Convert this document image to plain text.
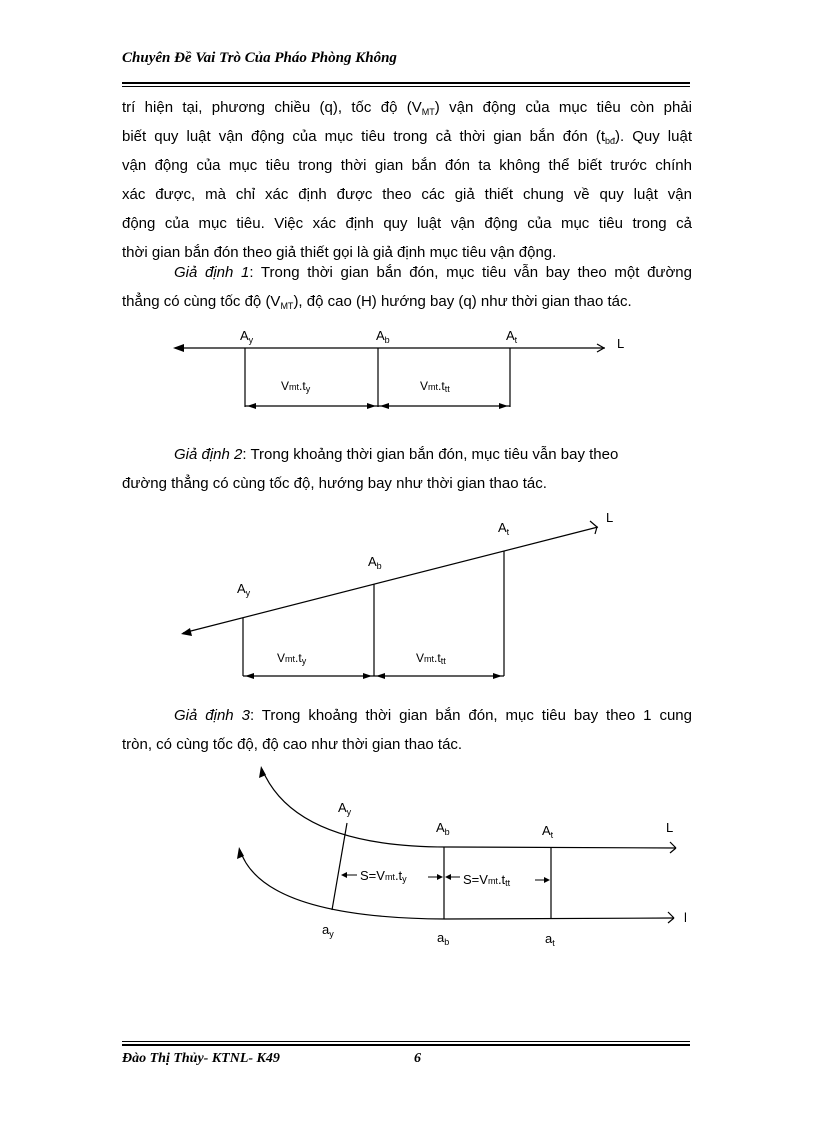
Chuyên Đề Vai Trò Của Pháo Phòng Không
trí hiện tại, phương chiều (q), tốc độ $(V_{MT})$ vận động của mục tiêu còn phải
biết quy luật vận động của mục tiêu trong cả thời gian bắn đón $(t_{bđ})$. Quy luật
vận động của mục tiêu trong thời gian bắn đón ta không thể biết trước chính
xác được, mà chỉ xác định được theo các giả thiết chung về quy luật vận
động của mục tiêu. Việc xác định quy luật vận động của mục tiêu trong cả
thời gian bắn đón theo giả thiết gọi là giả định mục tiêu vận động.
Giả định 1: Trong thời gian bắn đón, mục tiêu vẫn bay theo một đường
thẳng có cùng tốc độ $(V_{MT})$, độ cao (H) hướng bay (q) như thời gian thao tác.
$A_y$	$A_b$	$A_t$	L
Vmt.ty	Vmt.ttt
Giả định 2: Trong khoảng thời gian bắn đón, mục tiêu vẫn bay theo
đường thẳng có cùng tốc độ, hướng bay như thời gian thao tác.
$A_y$
$A_b$
$A_t$
L
Vmt.ty	Vmt.ttt
Giả định 3: Trong khoảng thời gian bắn đón, mục tiêu bay theo 1 cung
tròn, có cùng tốc độ, độ cao như thời gian thao tác.
$A_y$
$A_b$	$A_t$	L
l
$a_y$	$a_b$	$a_t$
S=Vmt.ty	S=Vmt.ttt
Đào Thị Thủy- KTNL- K49	6
